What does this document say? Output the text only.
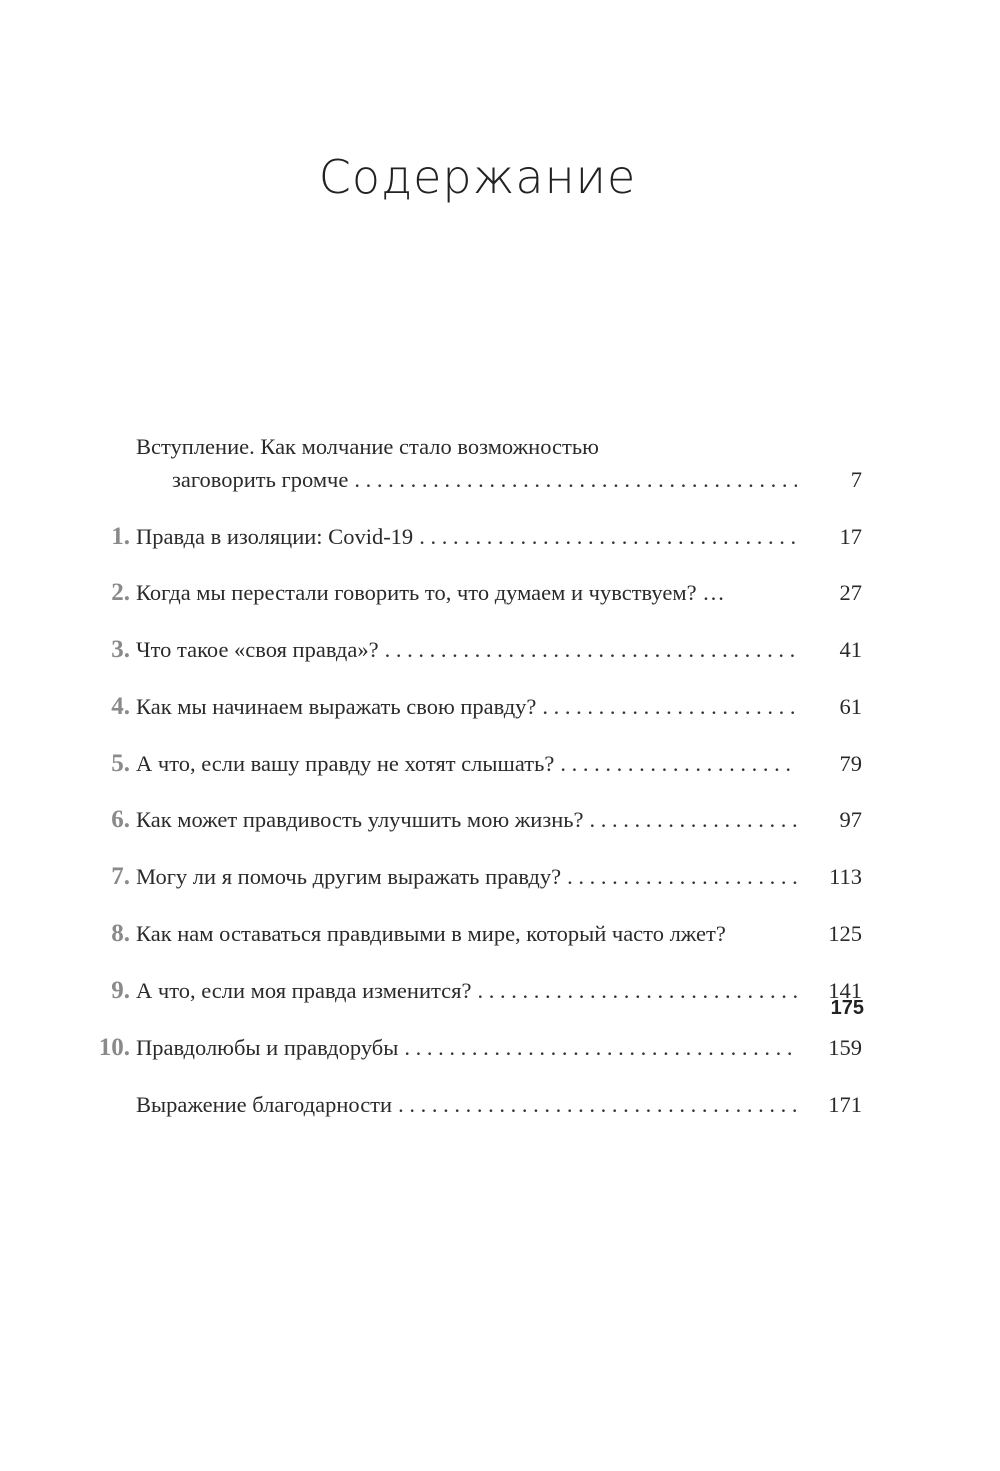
Содержание
Вступление. Как молчание стало возможностью
заговорить громче . . .	7
1. Правда в изоляции: Covid-19 . . .	17
2. Когда мы перестали говорить то, что думаем и чувствуем? …	27
3. Что такое «своя правда»? . . .	41
4. Как мы начинаем выражать свою правду? . . .	61
5. А что, если вашу правду не хотят слышать? . . .	79
6. Как может правдивость улучшить мою жизнь? . . .	97
7. Могу ли я помочь другим выражать правду? . . .	113
8. Как нам оставаться правдивыми в мире, который часто лжет?	125
9. А что, если моя правда изменится? . . .	141
10. Правдолюбы и правдорубы . . .	159
Выражение благодарности . . .	171
175
